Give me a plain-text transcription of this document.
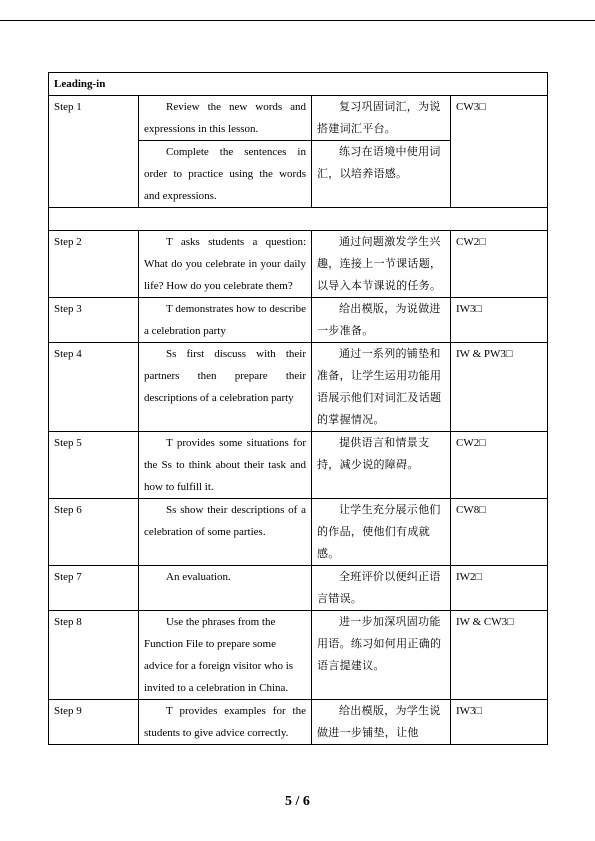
Leading-in			
Step 1	Review the new words and expressions in this lesson.	复习巩固词汇，为说搭建词汇平台。	CW3□

	Complete the sentences in order to practice using the words and expressions.	练习在语境中使用词汇，以培养语感。	

Step 2	T asks students a question: What do you celebrate in your daily life? How do you celebrate them?	通过问题激发学生兴趣，连接上一节课话题，以导入本节课说的任务。	CW2□
Step 3	T demonstrates how to describe a celebration party	给出模版，为说做进一步准备。	IW3□
Step 4	Ss first discuss with their partners then prepare their descriptions of a celebration party	通过一系列的铺垫和准备，让学生运用功能用语展示他们对词汇及话题的掌握情况。	IW & PW3□
Step 5	T provides some situations for the Ss to think about their task and how to fulfill it.	提供语言和情景支持，减少说的障碍。	CW2□
Step 6	Ss show their descriptions of a celebration of some parties.	让学生充分展示他们的作品，使他们有成就感。	CW8□
Step 7	An evaluation.	全班评价以便纠正语言错误。	IW2□
Step 8	Use the phrases from the Function File to prepare some advice for a foreign visitor who is invited to a celebration in China.	进一步加深巩固功能用语。练习如何用正确的语言提建议。	IW & CW3□
Step 9	T provides examples for the students to give advice correctly.	给出模版，为学生说做进一步铺垫，让他	IW3□
5 / 6
